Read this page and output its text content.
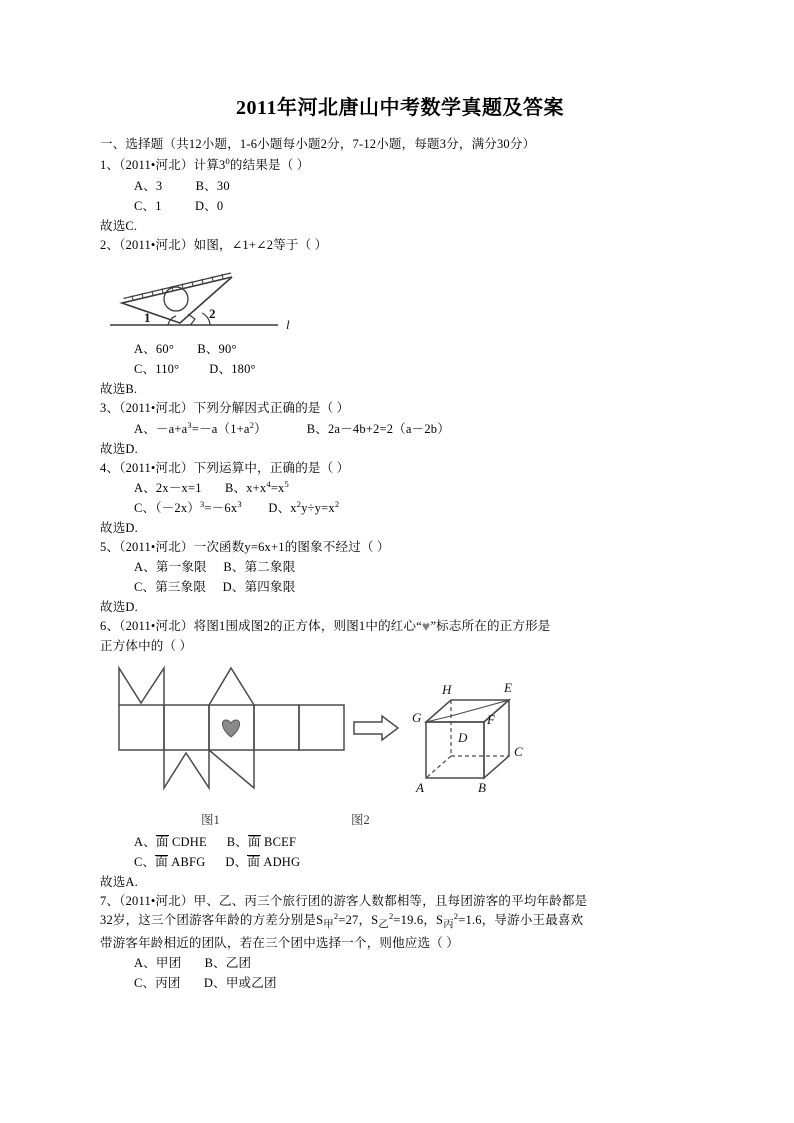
2011年河北唐山中考数学真题及答案

一、选择题（共12小题，1-6小题每小题2分，7-12小题，每题3分，满分30分）

1、（2011•河北）计算$3^0$的结果是（ ）

A、3	B、30

C、1	D、0

故选C.

2、（2011•河北）如图，∠1+∠2等于（ ）

1	2
l

A、60° B、90°

C、110° D、180°

故选B.

3、（2011•河北）下列分解因式正确的是（ ）

A、$-a+a^3=-a(1+a^2)$	B、2a－4b+2=2（a－2b）

故选D.

4、（2011•河北）下列运算中，正确的是（ ）

A、2x－x=1 B、$x+x^4=x^5$

C、$(-2x)^3=-6x^3$ D、$x^2y\div y=x^2$

故选D.

5、（2011•河北）一次函数y=6x+1的图象不经过（ ）

A、第一象限 B、第二象限

C、第三象限 D、第四象限

故选D.

6、（2011•河北）将图1围成图2的正方体，则图1中的红心“♥”标志所在的正方形是

正方体中的（ ）

H	E
G	F
D
C
A	B
图1	图2

A、面 CDHE B、面 BCEF

C、面 ABFG D、面 ADHG

故选A.

7、（2011•河北）甲、乙、丙三个旅行团的游客人数都相等，且每团游客的平均年龄都是

32岁，这三个团游客年龄的方差分别是$S_甲^2=27$，$S_乙^2=19.6$，$S_丙^2=1.6$，导游小王最喜欢

带游客年龄相近的团队，若在三个团中选择一个，则他应选（ ）

A、甲团 B、乙团

C、丙团 D、甲或乙团
